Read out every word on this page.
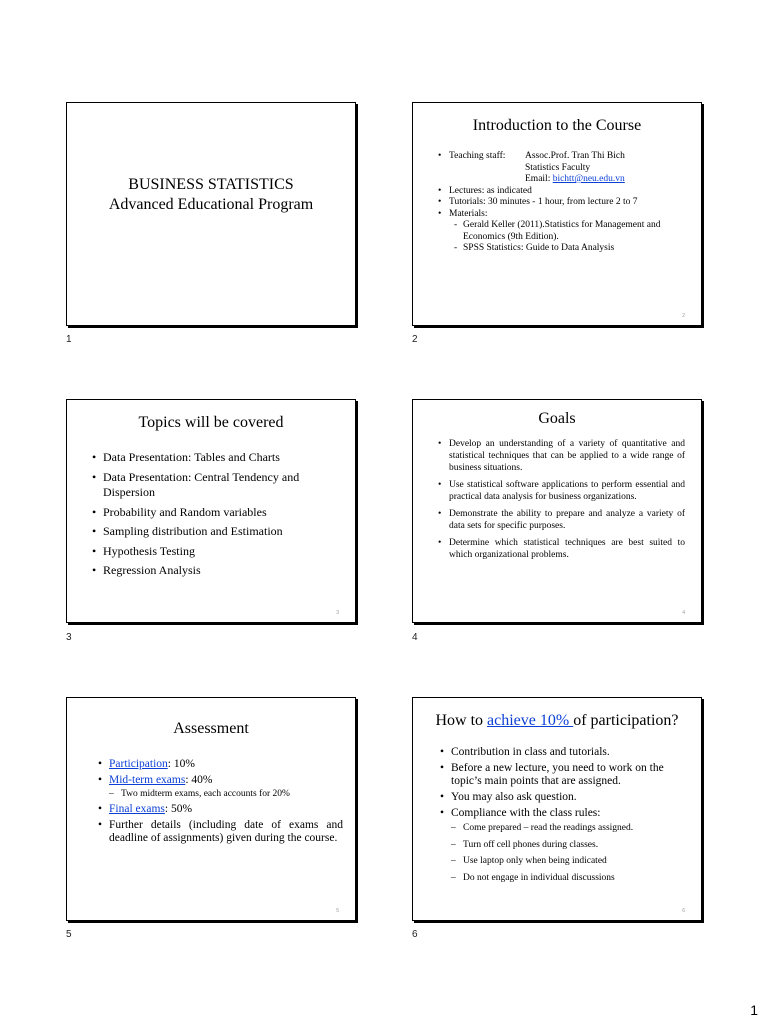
BUSINESS STATISTICS
Advanced Educational Program
1
Introduction to the Course
• Teaching staff:	Assoc.Prof. Tran Thi Bich
Statistics Faculty
Email: bichtt@neu.edu.vn
• Lectures: as indicated
• Tutorials: 30 minutes - 1 hour, from lecture 2 to 7
• Materials:
- Gerald Keller (2011).Statistics for Management and Economics (9th Edition).
- SPSS Statistics: Guide to Data Analysis
2
2
Topics will be covered
• Data Presentation: Tables and Charts
• Data Presentation: Central Tendency and Dispersion
• Probability and Random variables
• Sampling distribution and Estimation
• Hypothesis Testing
• Regression Analysis
3
3
Goals
• Develop an understanding of a variety of quantitative and statistical techniques that can be applied to a wide range of business situations.
• Use statistical software applications to perform essential and practical data analysis for business organizations.
• Demonstrate the ability to prepare and analyze a variety of data sets for specific purposes.
• Determine which statistical techniques are best suited to which organizational problems.
4
4
Assessment
• Participation: 10%
• Mid-term exams: 40%
– Two midterm exams, each accounts for 20%
• Final exams: 50%
• Further details (including date of exams and deadline of assignments) given during the course.
5
5
How to achieve 10% of participation?
• Contribution in class and tutorials.
• Before a new lecture, you need to work on the topic’s main points that are assigned.
• You may also ask question.
• Compliance with the class rules:
– Come prepared – read the readings assigned.
– Turn off cell phones during classes.
– Use laptop only when being indicated
– Do not engage in individual discussions
6
6
1
